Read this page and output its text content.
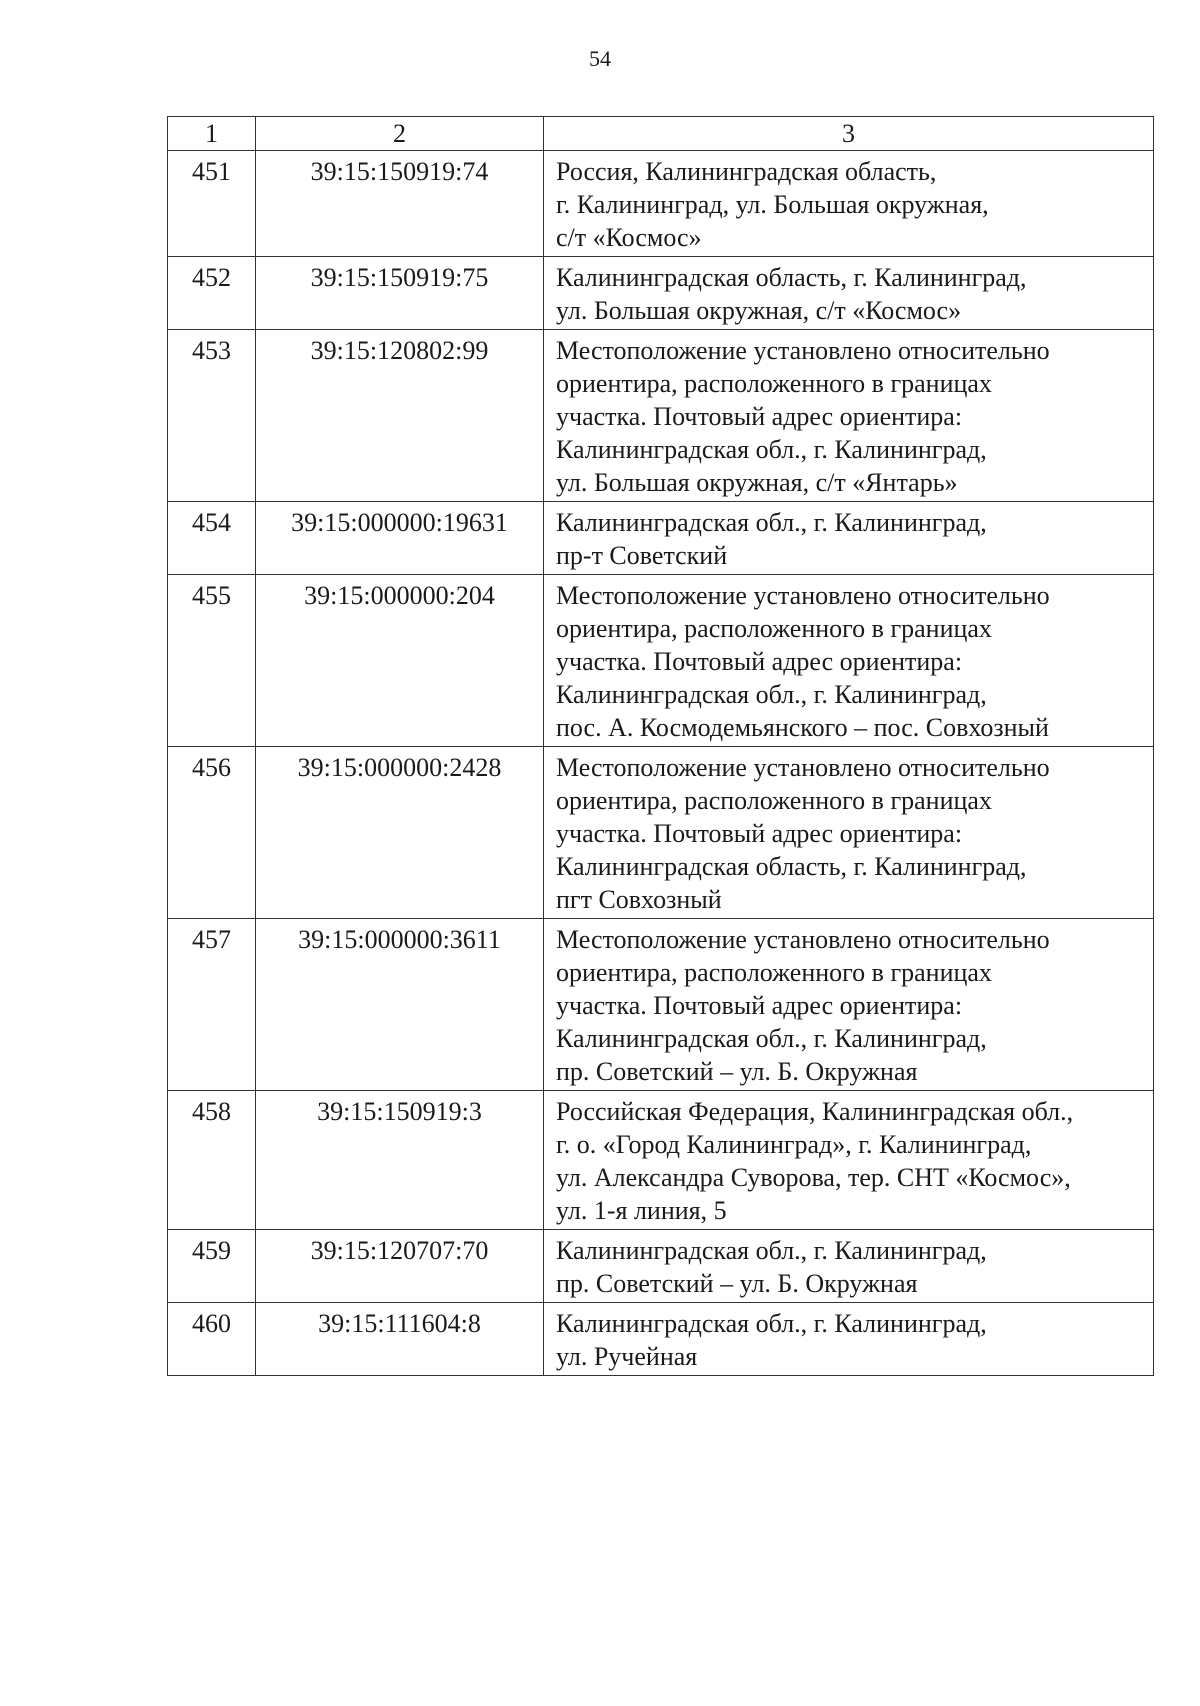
54
1	2	3
451	39:15:150919:74	Россия, Калининградская область,
г. Калининград, ул. Большая окружная,
с/т «Космос»

452	39:15:150919:75	Калининградская область, г. Калининград,
ул. Большая окружная, с/т «Космос»

453	39:15:120802:99	Местоположение установлено относительно
ориентира, расположенного в границах
участка. Почтовый адрес ориентира:
Калининградская обл., г. Калининград,
ул. Большая окружная, с/т «Янтарь»

454	39:15:000000:19631	Калининградская обл., г. Калининград,
пр-т Советский

455	39:15:000000:204	Местоположение установлено относительно
ориентира, расположенного в границах
участка. Почтовый адрес ориентира:
Калининградская обл., г. Калининград,
пос. А. Космодемьянского – пос. Совхозный

456	39:15:000000:2428	Местоположение установлено относительно
ориентира, расположенного в границах
участка. Почтовый адрес ориентира:
Калининградская область, г. Калининград,
пгт Совхозный

457	39:15:000000:3611	Местоположение установлено относительно
ориентира, расположенного в границах
участка. Почтовый адрес ориентира:
Калининградская обл., г. Калининград,
пр. Советский – ул. Б. Окружная

458	39:15:150919:3	Российская Федерация, Калининградская обл.,
г. о. «Город Калининград», г. Калининград,
ул. Александра Суворова, тер. СНТ «Космос»,
ул. 1-я линия, 5

459	39:15:120707:70	Калининградская обл., г. Калининград,
пр. Советский – ул. Б. Окружная

460	39:15:111604:8	Калининградская обл., г. Калининград,
ул. Ручейная
